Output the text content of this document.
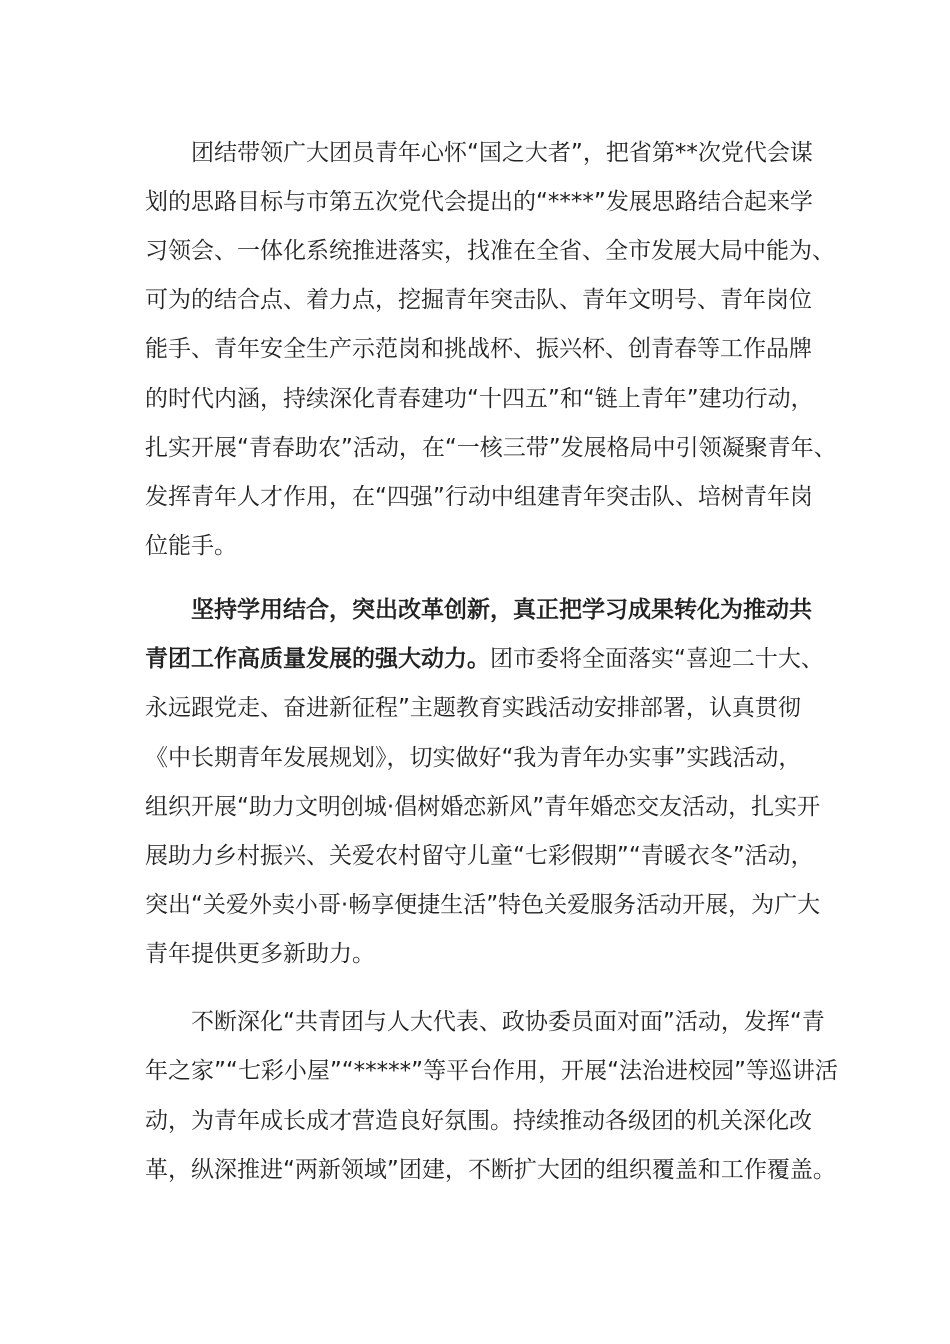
　　团结带领广大团员青年心怀“国之大者”，把省第**次党代会谋
划的思路目标与市第五次党代会提出的“****”发展思路结合起来学
习领会、一体化系统推进落实，找准在全省、全市发展大局中能为、
可为的结合点、着力点，挖掘青年突击队、青年文明号、青年岗位
能手、青年安全生产示范岗和挑战杯、振兴杯、创青春等工作品牌
的时代内涵，持续深化青春建功“十四五”和“链上青年”建功行动，
扎实开展“青春助农”活动，在“一核三带”发展格局中引领凝聚青年、
发挥青年人才作用，在“四强”行动中组建青年突击队、培树青年岗
位能手。
　　坚持学用结合，突出改革创新，真正把学习成果转化为推动共
青团工作高质量发展的强大动力。团市委将全面落实“喜迎二十大、
永远跟党走、奋进新征程”主题教育实践活动安排部署，认真贯彻
《中长期青年发展规划》，切实做好“我为青年办实事”实践活动，
组织开展“助力文明创城·倡树婚恋新风”青年婚恋交友活动，扎实开
展助力乡村振兴、关爱农村留守儿童“七彩假期”“青暖衣冬”活动，
突出“关爱外卖小哥·畅享便捷生活”特色关爱服务活动开展，为广大
青年提供更多新助力。
　　不断深化“共青团与人大代表、政协委员面对面”活动，发挥“青
年之家”“七彩小屋”“*****”等平台作用，开展“法治进校园”等巡讲活
动，为青年成长成才营造良好氛围。持续推动各级团的机关深化改
革，纵深推进“两新领域”团建，不断扩大团的组织覆盖和工作覆盖。
